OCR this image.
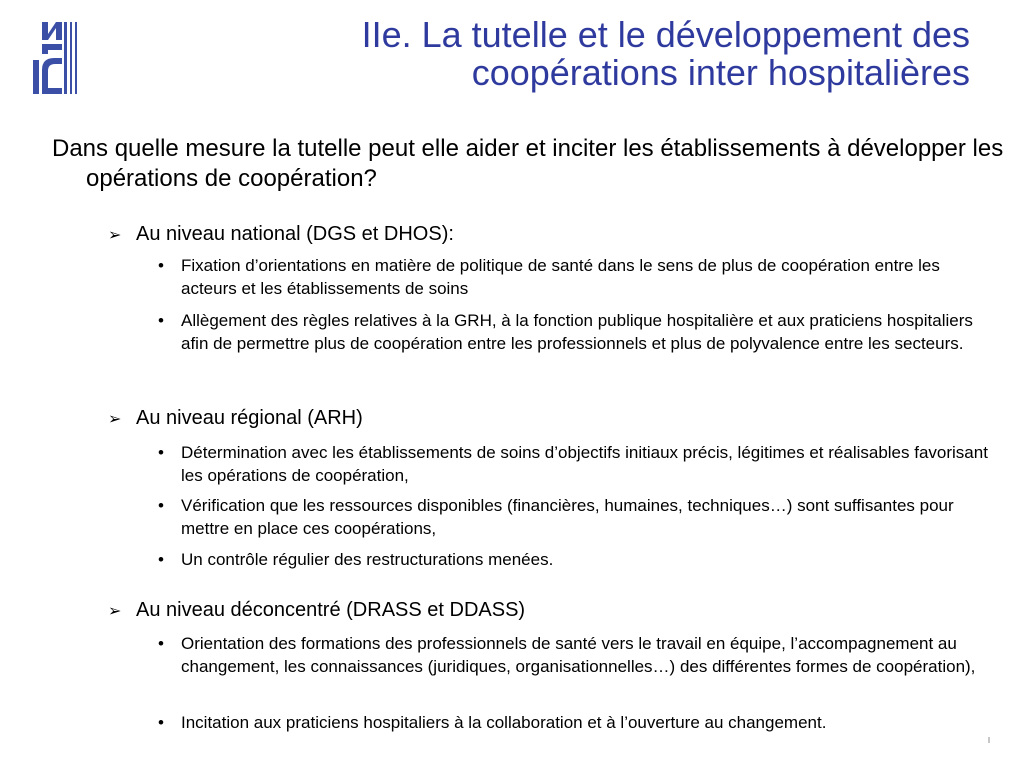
IIe. La tutelle et le développement des
coopérations inter hospitalières

Dans quelle mesure la tutelle peut elle aider et inciter les établissements à développer les opérations de coopération?

➢ Au niveau national (DGS et DHOS):

• Fixation d’orientations en matière de politique de santé dans le sens de plus de coopération entre les acteurs et les établissements de soins

• Allègement des règles relatives à la GRH, à la fonction publique hospitalière et aux praticiens hospitaliers afin de permettre plus de coopération entre les professionnels et plus de polyvalence entre les secteurs.

➢ Au niveau régional (ARH)

• Détermination avec les établissements de soins d’objectifs initiaux précis, légitimes et réalisables favorisant les opérations de coopération,

• Vérification que les ressources disponibles (financières, humaines, techniques…) sont suffisantes pour mettre en place ces coopérations,

• Un contrôle régulier des restructurations menées.

➢ Au niveau déconcentré (DRASS et DDASS)

• Orientation des formations des professionnels de santé vers le travail en équipe, l’accompagnement au changement, les connaissances (juridiques, organisationnelles…) des différentes formes de coopération),

• Incitation aux praticiens hospitaliers à la collaboration et à l’ouverture au changement.
